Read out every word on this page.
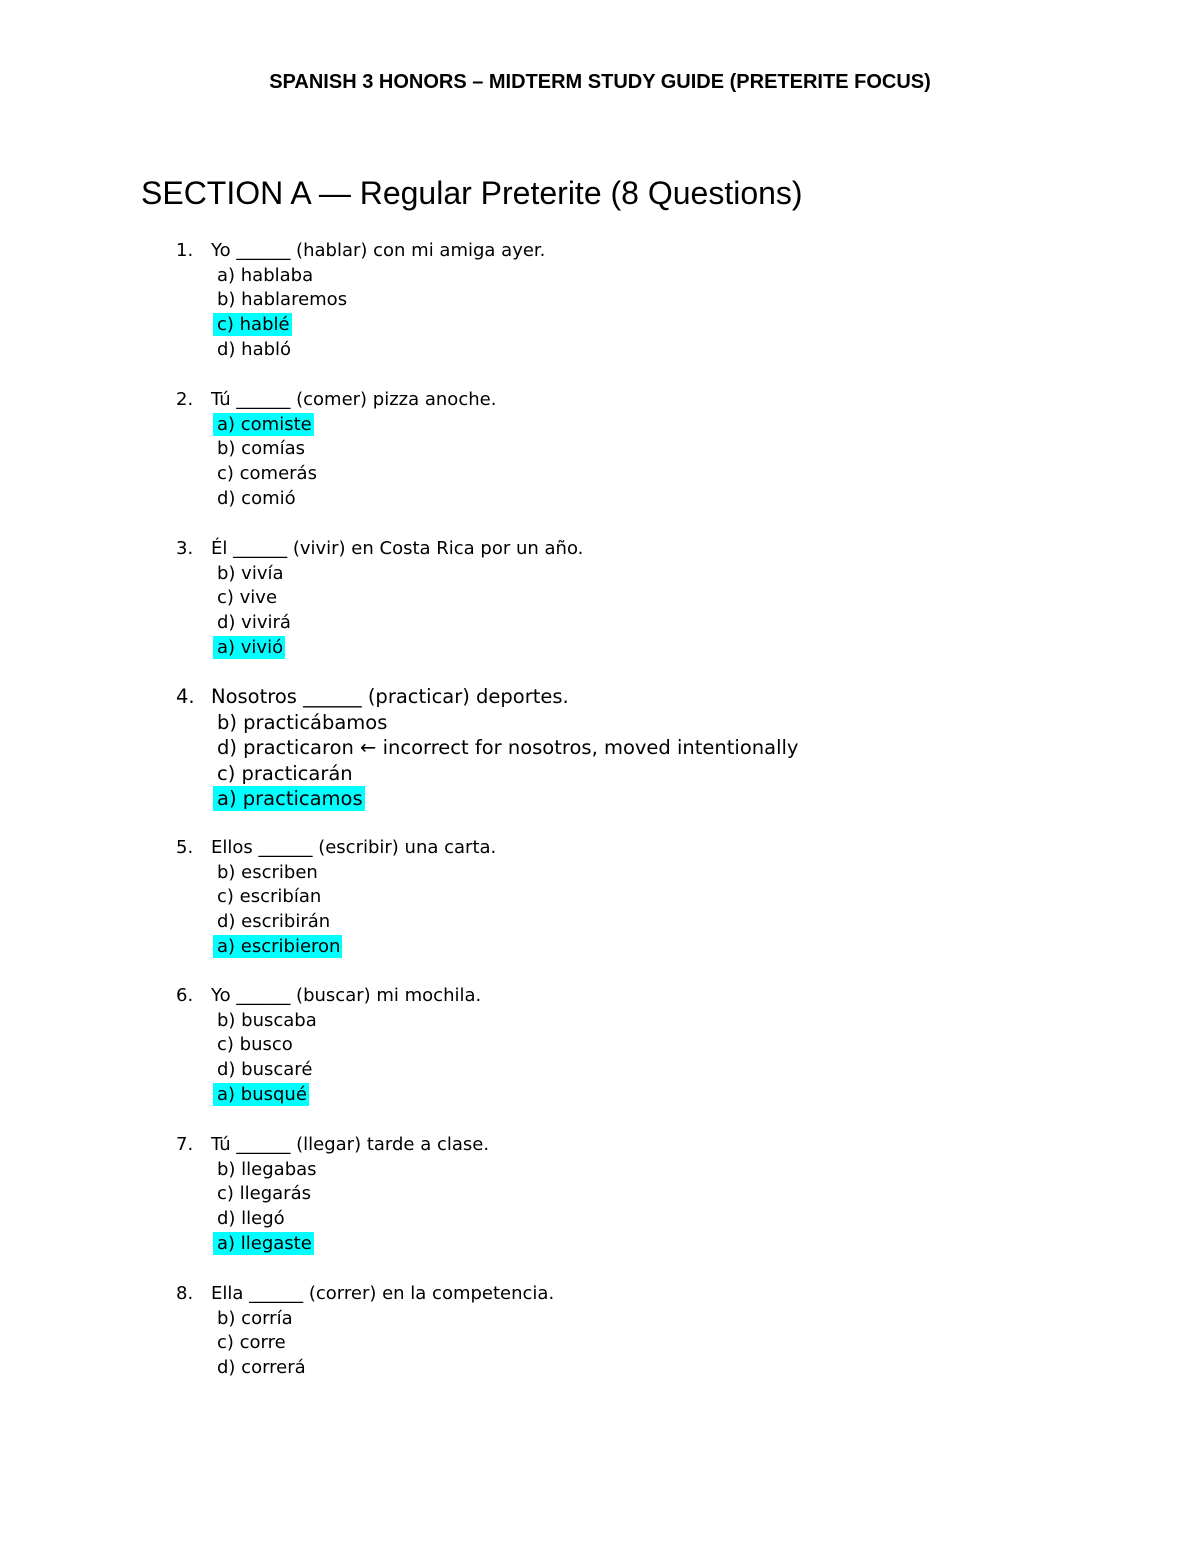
SPANISH 3 HONORS – MIDTERM STUDY GUIDE (PRETERITE FOCUS)
SECTION A — Regular Preterite (8 Questions)
1. Yo ______ (hablar) con mi amiga ayer.
a) hablaba
b) hablaremos
c) hablé
d) habló
2. Tú ______ (comer) pizza anoche.
a) comiste
b) comías
c) comerás
d) comió
3. Él ______ (vivir) en Costa Rica por un año.
b) vivía
c) vive
d) vivirá
a) vivió
4. Nosotros ______ (practicar) deportes.
b) practicábamos
d) practicaron ← incorrect for nosotros, moved intentionally
c) practicarán
a) practicamos
5. Ellos ______ (escribir) una carta.
b) escriben
c) escribían
d) escribirán
a) escribieron
6. Yo ______ (buscar) mi mochila.
b) buscaba
c) busco
d) buscaré
a) busqué
7. Tú ______ (llegar) tarde a clase.
b) llegabas
c) llegarás
d) llegó
a) llegaste
8. Ella ______ (correr) en la competencia.
b) corría
c) corre
d) correrá
